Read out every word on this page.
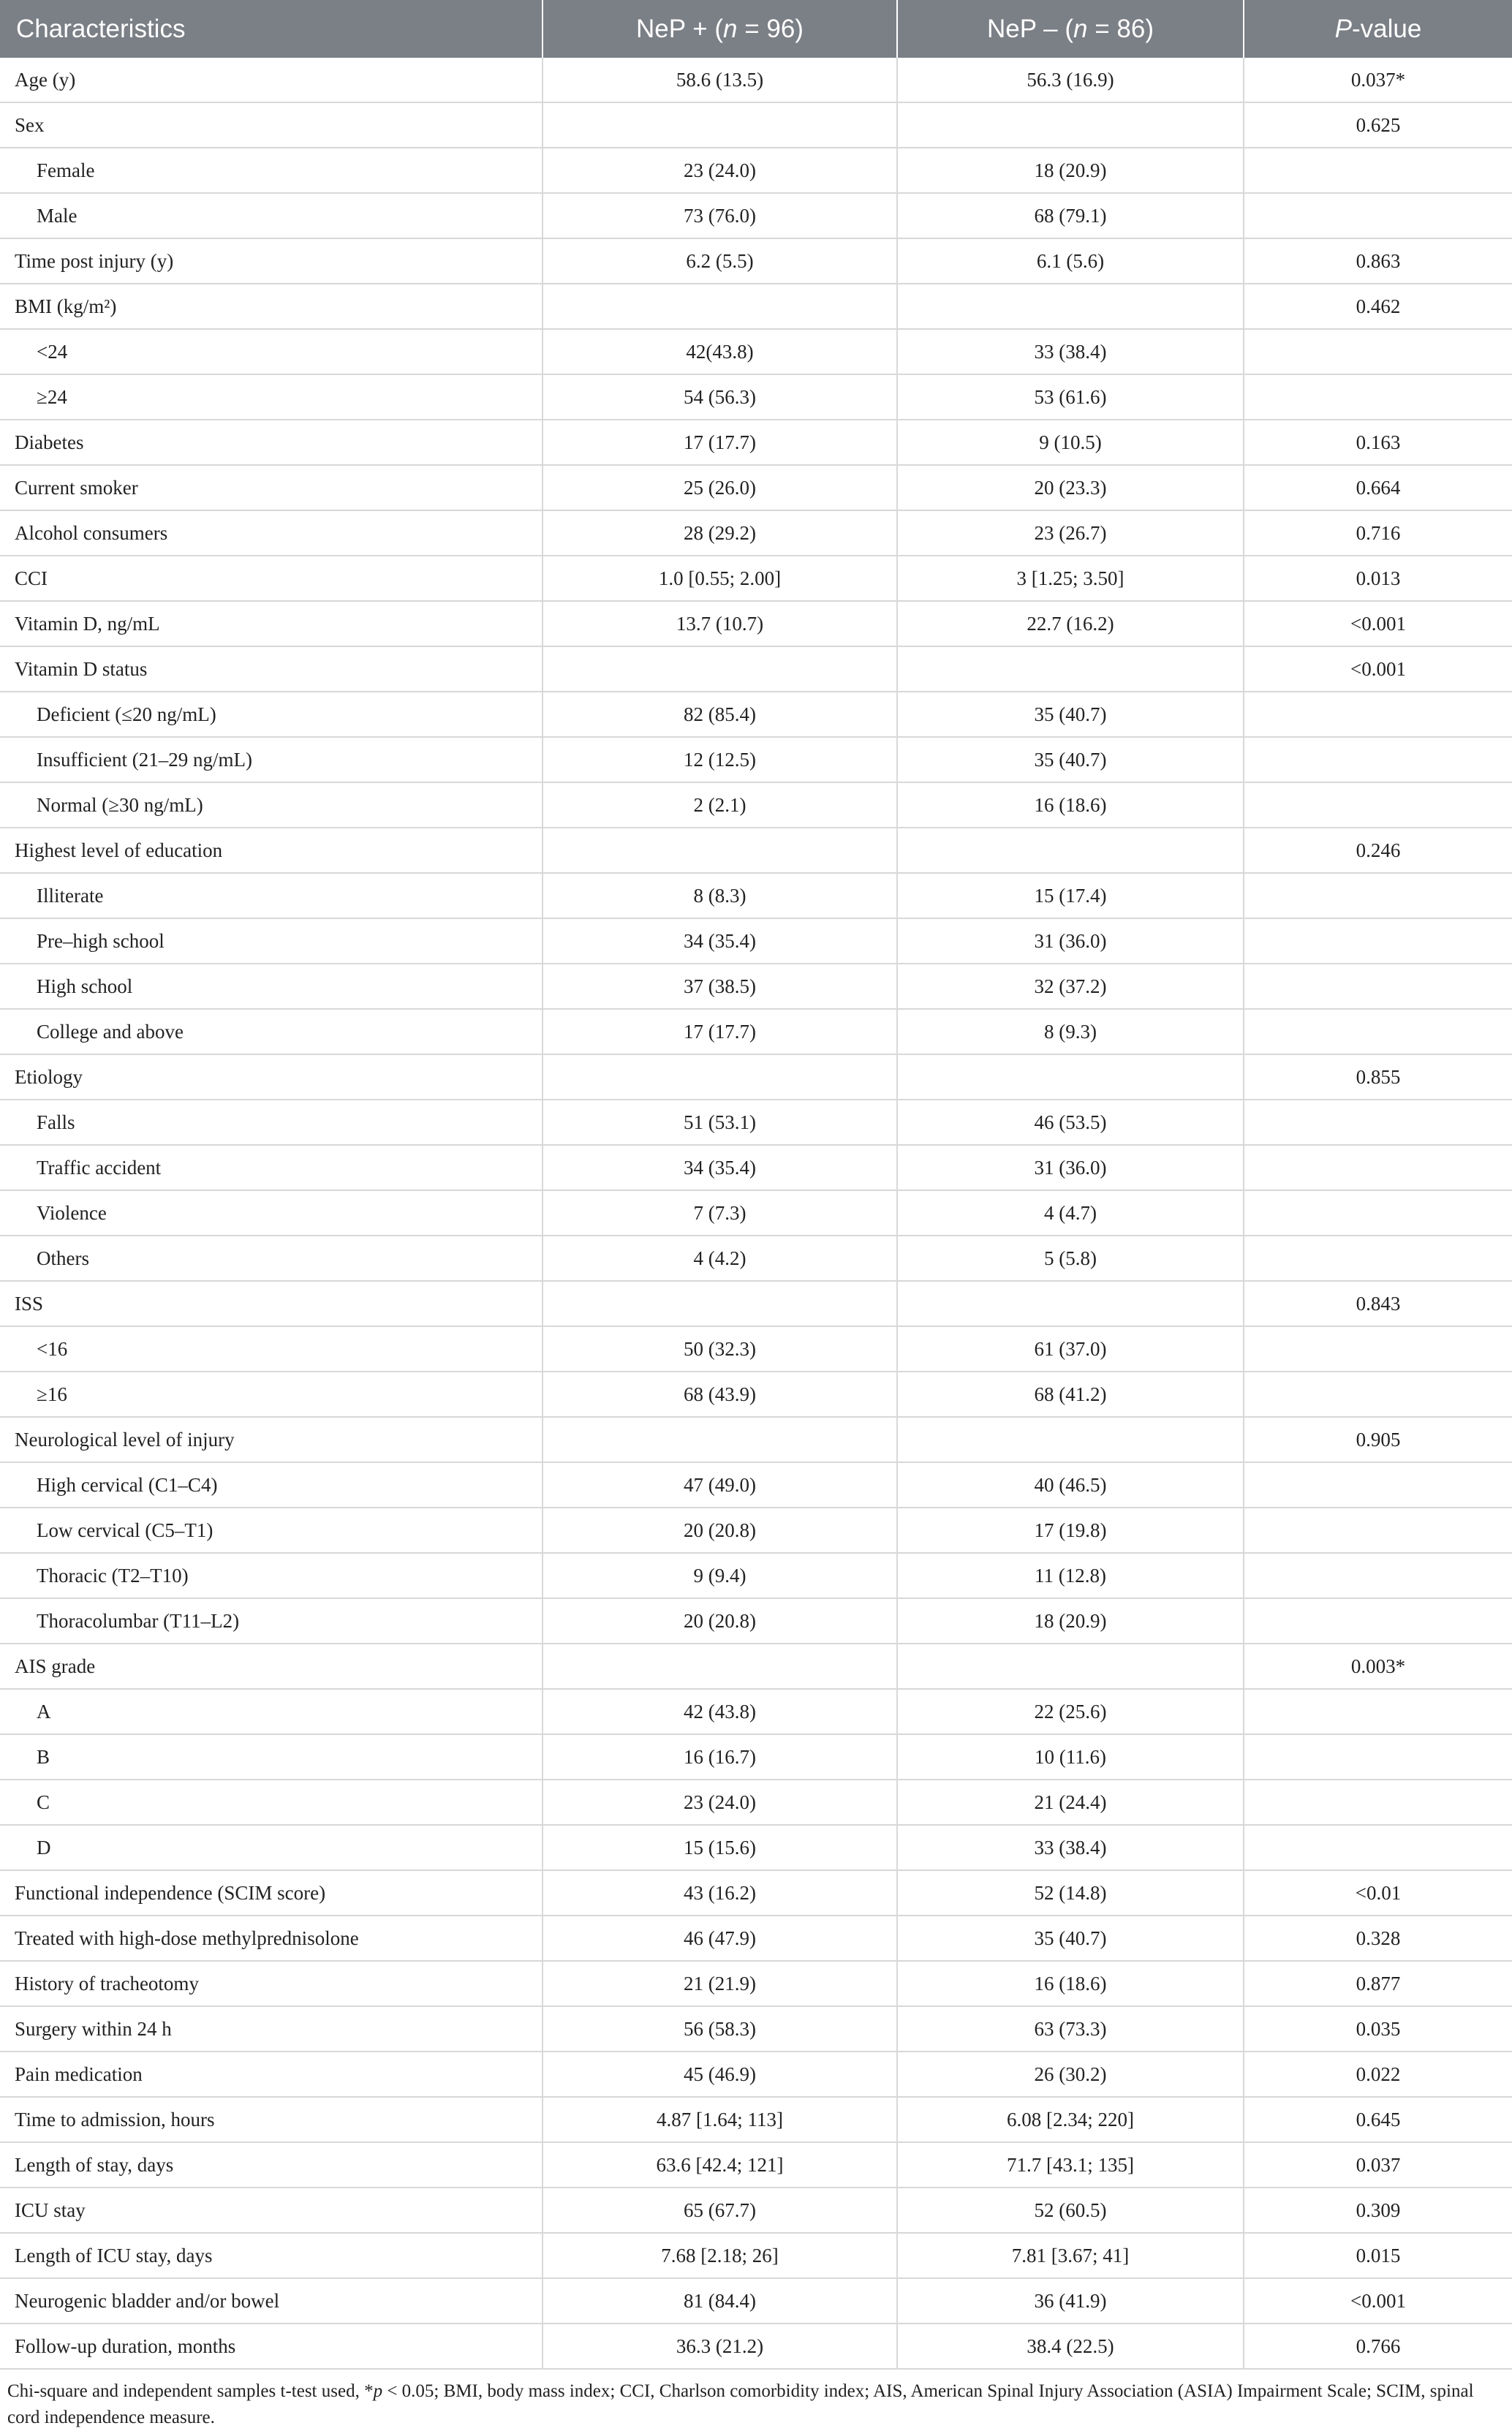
Characteristics	NeP + (n = 96)	NeP – (n = 86)	P-value
Age (y)	58.6 (13.5)	56.3 (16.9)	0.037*
Sex			0.625
Female	23 (24.0)	18 (20.9)	
Male	73 (76.0)	68 (79.1)	
Time post injury (y)	6.2 (5.5)	6.1 (5.6)	0.863
BMI (kg/m²)			0.462
<24	42(43.8)	33 (38.4)	
≥24	54 (56.3)	53 (61.6)	
Diabetes	17 (17.7)	9 (10.5)	0.163
Current smoker	25 (26.0)	20 (23.3)	0.664
Alcohol consumers	28 (29.2)	23 (26.7)	0.716
CCI	1.0 [0.55; 2.00]	3 [1.25; 3.50]	0.013
Vitamin D, ng/mL	13.7 (10.7)	22.7 (16.2)	<0.001
Vitamin D status			<0.001
Deficient (≤20 ng/mL)	82 (85.4)	35 (40.7)	
Insufficient (21–29 ng/mL)	12 (12.5)	35 (40.7)	
Normal (≥30 ng/mL)	2 (2.1)	16 (18.6)	
Highest level of education			0.246
Illiterate	8 (8.3)	15 (17.4)	
Pre–high school	34 (35.4)	31 (36.0)	
High school	37 (38.5)	32 (37.2)	
College and above	17 (17.7)	8 (9.3)	
Etiology			0.855
Falls	51 (53.1)	46 (53.5)	
Traffic accident	34 (35.4)	31 (36.0)	
Violence	7 (7.3)	4 (4.7)	
Others	4 (4.2)	5 (5.8)	
ISS			0.843
<16	50 (32.3)	61 (37.0)	
≥16	68 (43.9)	68 (41.2)	
Neurological level of injury			0.905
High cervical (C1–C4)	47 (49.0)	40 (46.5)	
Low cervical (C5–T1)	20 (20.8)	17 (19.8)	
Thoracic (T2–T10)	9 (9.4)	11 (12.8)	
Thoracolumbar (T11–L2)	20 (20.8)	18 (20.9)	
AIS grade			0.003*
A	42 (43.8)	22 (25.6)	
B	16 (16.7)	10 (11.6)	
C	23 (24.0)	21 (24.4)	
D	15 (15.6)	33 (38.4)	
Functional independence (SCIM score)	43 (16.2)	52 (14.8)	<0.01
Treated with high-dose methylprednisolone	46 (47.9)	35 (40.7)	0.328
History of tracheotomy	21 (21.9)	16 (18.6)	0.877
Surgery within 24 h	56 (58.3)	63 (73.3)	0.035
Pain medication	45 (46.9)	26 (30.2)	0.022
Time to admission, hours	4.87 [1.64; 113]	6.08 [2.34; 220]	0.645
Length of stay, days	63.6 [42.4; 121]	71.7 [43.1; 135]	0.037
ICU stay	65 (67.7)	52 (60.5)	0.309
Length of ICU stay, days	7.68 [2.18; 26]	7.81 [3.67; 41]	0.015
Neurogenic bladder and/or bowel	81 (84.4)	36 (41.9)	<0.001
Follow-up duration, months	36.3 (21.2)	38.4 (22.5)	0.766
Chi-square and independent samples t-test used, *p < 0.05; BMI, body mass index; CCI, Charlson comorbidity index; AIS, American Spinal Injury Association (ASIA) Impairment Scale; SCIM, spinal cord independence measure.
